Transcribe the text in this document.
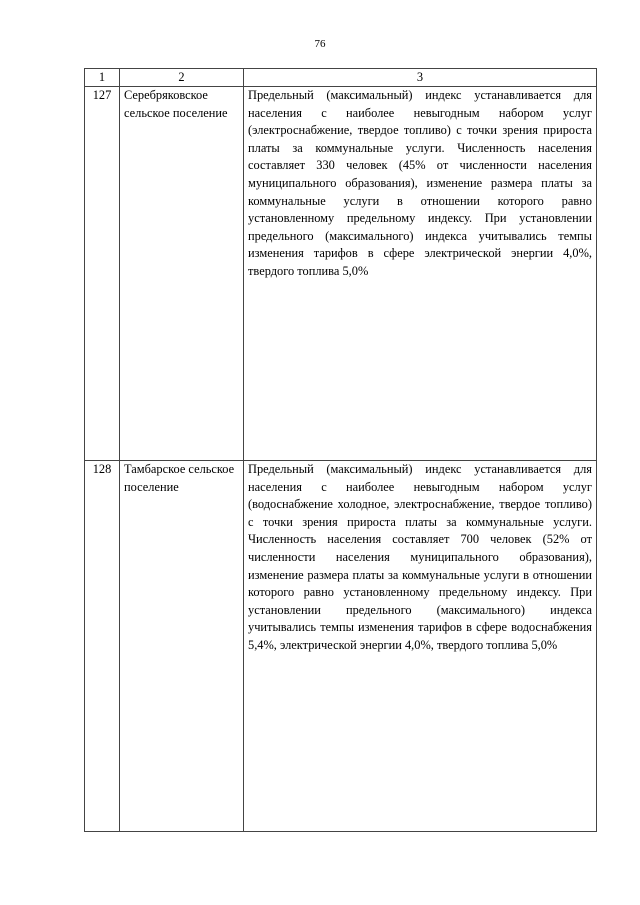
76
1	2	3
127	Серебряковское сельское поселение	Предельный (максимальный) индекс устанавливается для населения с наиболее невыгодным набором услуг (электроснабжение, твердое топливо) с точки зрения прироста платы за коммунальные услуги. Численность населения составляет 330 человек (45% от численности населения муниципального образования), изменение размера платы за коммунальные услуги в отношении которого равно установленному предельному индексу. При установлении предельного (максимального) индекса учитывались темпы изменения тарифов в сфере электрической энергии 4,0%, твердого топлива 5,0%
128	Тамбарское сельское поселение	Предельный (максимальный) индекс устанавливается для населения с наиболее невыгодным набором услуг (водоснабжение холодное, электроснабжение, твердое топливо) с точки зрения прироста платы за коммунальные услуги. Численность населения составляет 700 человек (52% от численности населения муниципального образования), изменение размера платы за коммунальные услуги в отношении которого равно установленному предельному индексу. При установлении предельного (максимального) индекса учитывались темпы изменения тарифов в сфере водоснабжения 5,4%, электрической энергии 4,0%, твердого топлива 5,0%
